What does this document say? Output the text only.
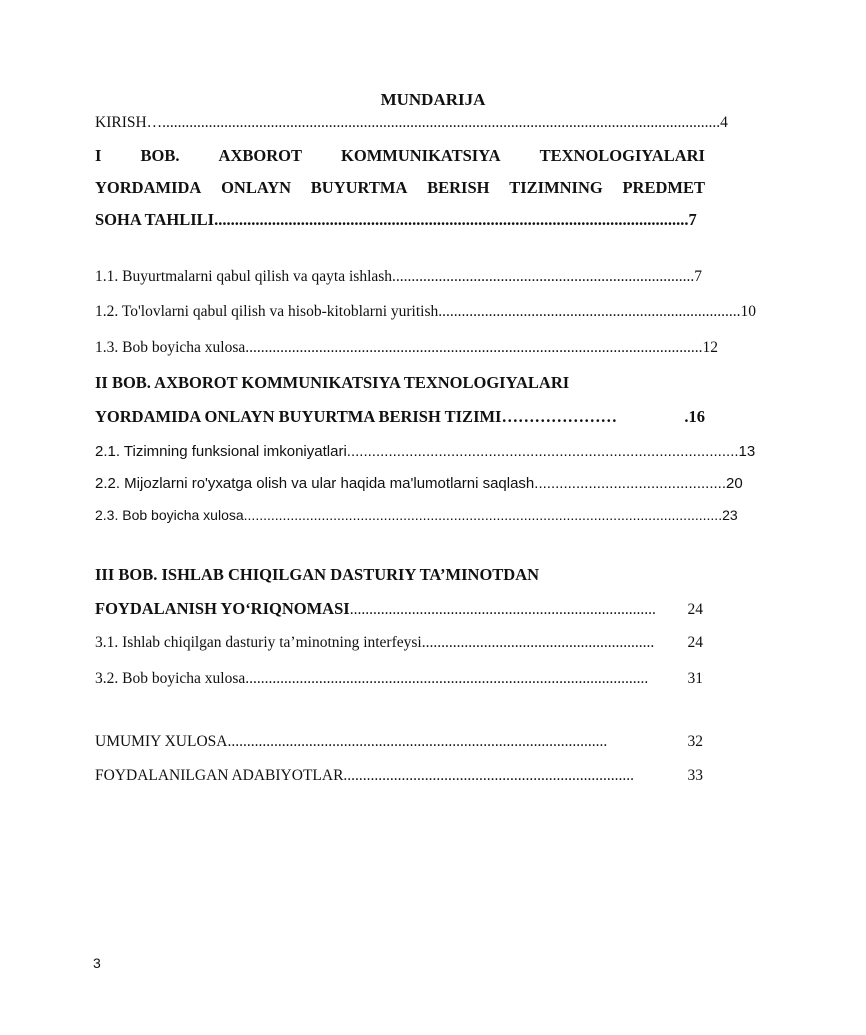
MUNDARIJA
KIRISH… ................................................................................................................................................ 4
I BOB. AXBOROT KOMMUNIKATSIYA TEXNOLOGIYALARI
YORDAMIDA ONLAYN BUYURTMA BERISH TIZIMNING PREDMET
SOHA TAHLILI ................................................................................................................... 7
1.1. Buyurtmalarni qabul qilish va qayta ishlash .............................................................................. 7
1.2. To'lovlarni qabul qilish va hisob-kitoblarni yuritish .............................................................................. 10
1.3. Bob boyicha xulosa ...................................................................................................................... 12
II BOB. AXBOROT KOMMUNIKATSIYA TEXNOLOGIYALARI
YORDAMIDA ONLAYN BUYURTMA BERISH TIZIMI …………………	.16
2.1. Tizimning funksional imkoniyatlari .............................................................................................. 13
2.2. Mijozlarni ro'yxatga olish va ular haqida ma'lumotlarni saqlash .............................................. 20
2.3. Bob boyicha xulosa ........................................................................................................................... 23
III BOB. ISHLAB CHIQILGAN DASTURIY TA’MINOTDAN
FOYDALANISH YO‘RIQNOMASI ...............................................................................	24
3.1. Ishlab chiqilgan dasturiy ta’minotning interfeysi ............................................................	24
3.2. Bob boyicha xulosa ........................................................................................................	31
UMUMIY XULOSA ..................................................................................................	32
FOYDALANILGAN ADABIYOTLAR ...........................................................................	33
3
